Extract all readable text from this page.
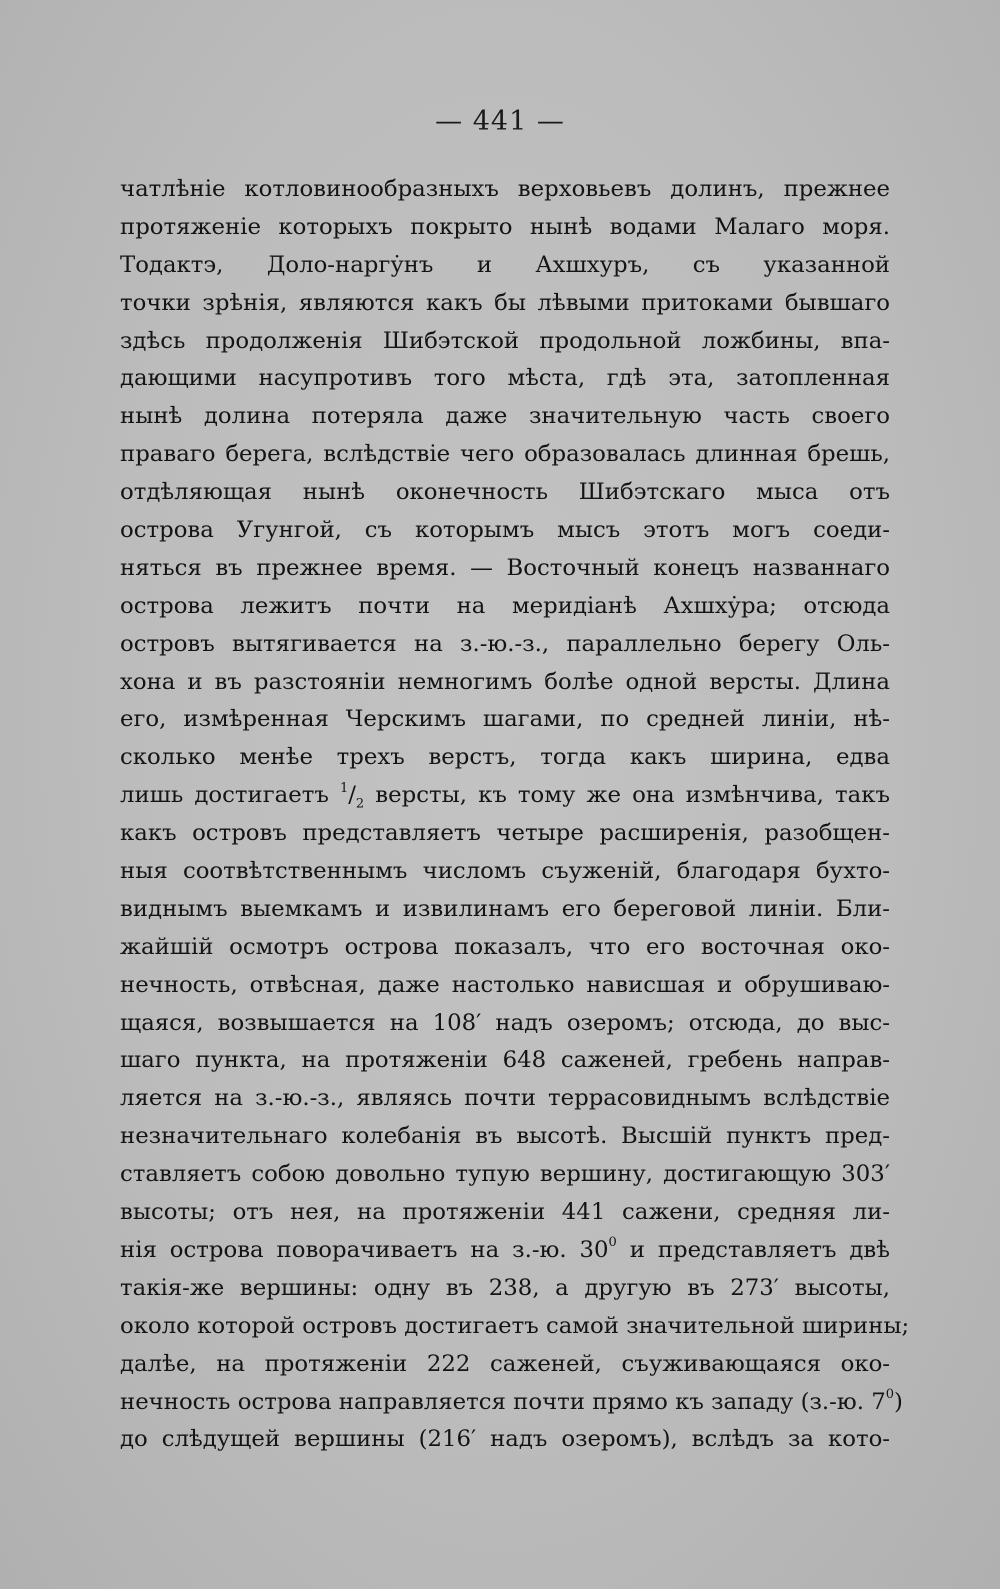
— 441 —
чатлѣніе котловинообразныхъ верховьевъ долинъ, прежнее
протяженіе которыхъ покрыто нынѣ водами Малаго моря.
Тодактэ, Доло-наргу̇нъ и Ахшхуръ, съ указанной
точки зрѣнія, являются какъ бы лѣвыми притоками бывшаго
здѣсь продолженія Шибэтской продольной ложбины, впа-
дающими насупротивъ того мѣста, гдѣ эта, затопленная
нынѣ долина потеряла даже значительную часть своего
праваго берега, вслѣдствіе чего образовалась длинная брешь,
отдѣляющая нынѣ оконечность Шибэтскаго мыса отъ
острова Угунгой, съ которымъ мысъ этотъ могъ соеди-
няться въ прежнее время. — Восточный конецъ названнаго
острова лежитъ почти на меридіанѣ Ахшху̇ра; отсюда
островъ вытягивается на з.-ю.-з., параллельно берегу Оль-
хона и въ разстояніи немногимъ болѣе одной версты. Длина
его, измѣренная Черскимъ шагами, по средней линіи, нѣ-
сколько менѣе трехъ верстъ, тогда какъ ширина, едва
лишь достигаетъ $^1/_2$ версты, къ тому же она измѣнчива, такъ
какъ островъ представляетъ четыре расширенія, разобщен-
ныя соотвѣтственнымъ числомъ съуженій, благодаря бухто-
виднымъ выемкамъ и извилинамъ его береговой линіи. Бли-
жайшій осмотръ острова показалъ, что его восточная око-
нечность, отвѣсная, даже настолько нависшая и обрушиваю-
щаяся, возвышается на 108′ надъ озеромъ; отсюда, до выс-
шаго пункта, на протяженіи 648 саженей, гребень направ-
ляется на з.-ю.-з., являясь почти террасовиднымъ вслѣдствіе
незначительнаго колебанія въ высотѣ. Высшій пунктъ пред-
ставляетъ собою довольно тупую вершину, достигающую 303′
высоты; отъ нея, на протяженіи 441 сажени, средняя ли-
нія острова поворачиваетъ на з.-ю. $30^0$ и представляетъ двѣ
такія-же вершины: одну въ 238, а другую въ 273′ высоты,
около которой островъ достигаетъ самой значительной ширины;
далѣе, на протяженіи 222 саженей, съуживающаяся око-
нечность острова направляется почти прямо къ западу (з.-ю. $7^0$)
до слѣдущей вершины (216′ надъ озеромъ), вслѣдъ за кото-
